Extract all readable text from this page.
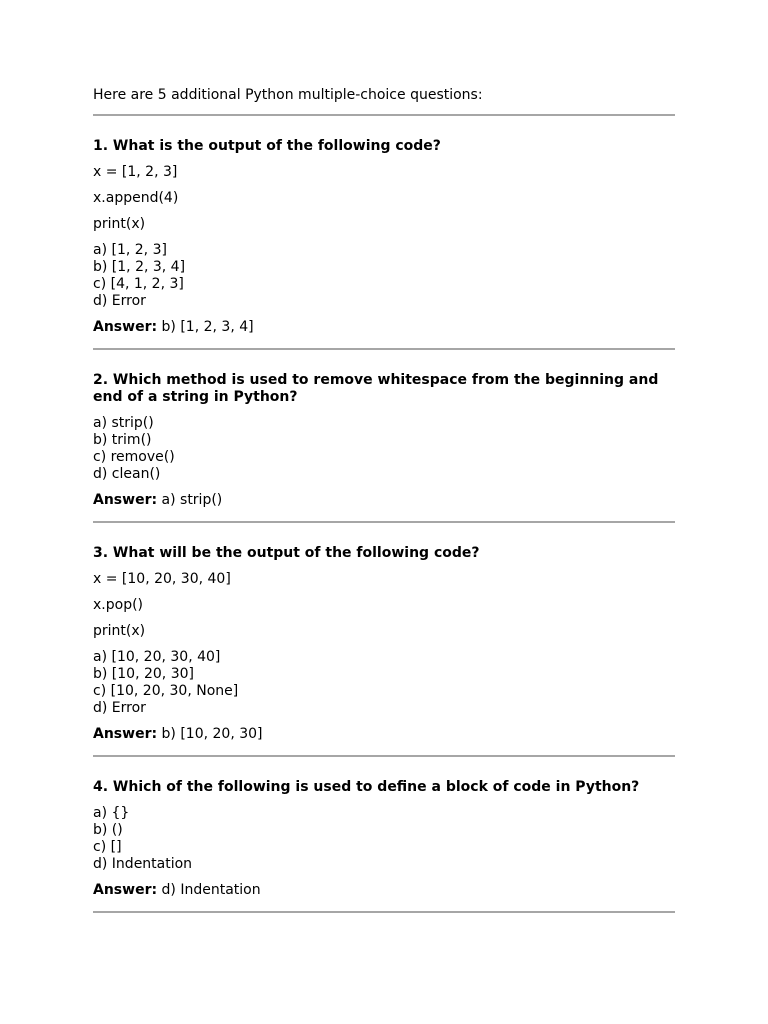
Here are 5 additional Python multiple-choice questions:

1. What is the output of the following code?

x = [1, 2, 3]

x.append(4)

print(x)

a) [1, 2, 3]
b) [1, 2, 3, 4]
c) [4, 1, 2, 3]
d) Error

Answer: b) [1, 2, 3, 4]

2. Which method is used to remove whitespace from the beginning and end of a string in Python?

a) strip()
b) trim()
c) remove()
d) clean()

Answer: a) strip()

3. What will be the output of the following code?

x = [10, 20, 30, 40]

x.pop()

print(x)

a) [10, 20, 30, 40]
b) [10, 20, 30]
c) [10, 20, 30, None]
d) Error

Answer: b) [10, 20, 30]

4. Which of the following is used to define a block of code in Python?

a) {}
b) ()
c) []
d) Indentation

Answer: d) Indentation
